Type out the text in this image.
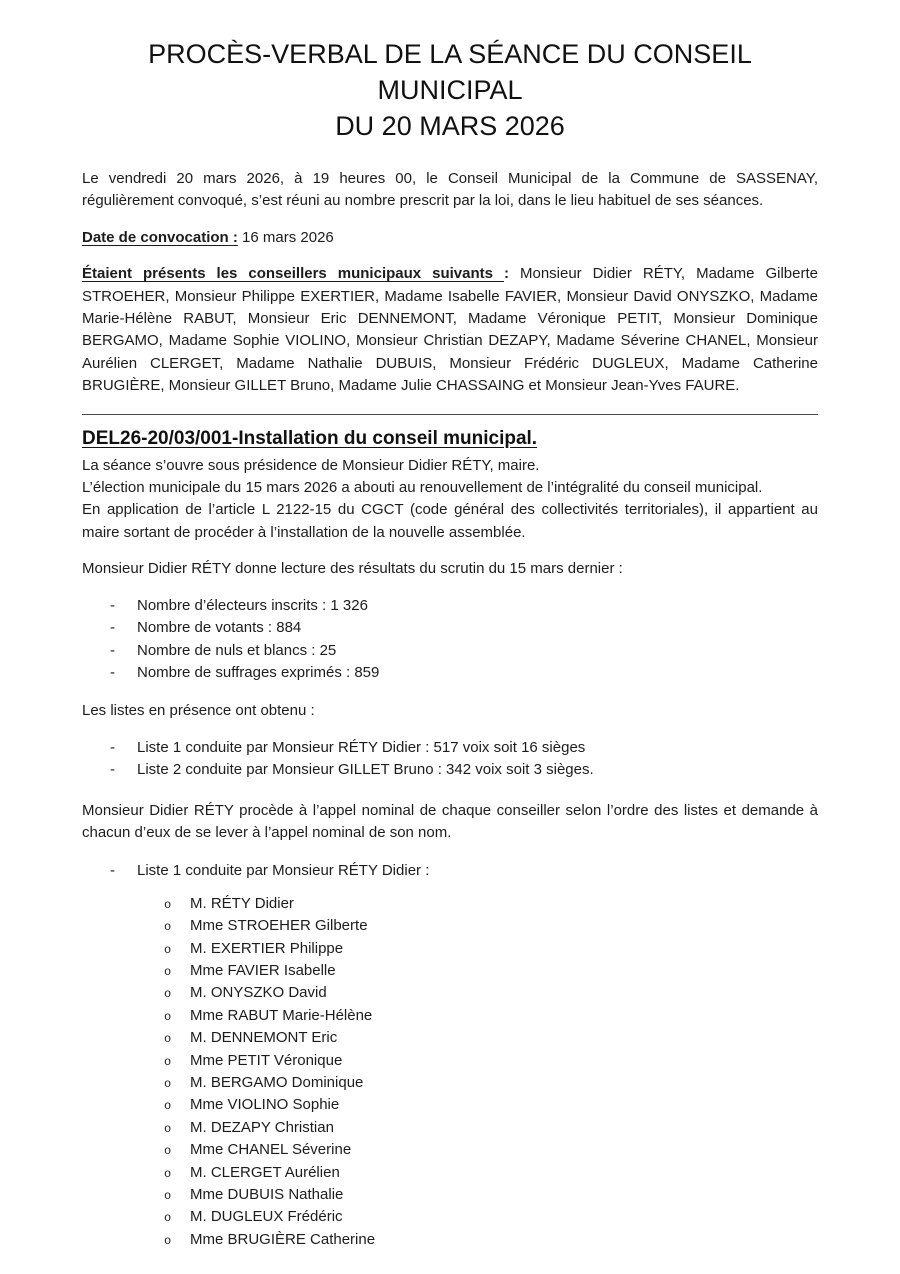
PROCÈS-VERBAL DE LA SÉANCE DU CONSEIL MUNICIPAL
DU 20 MARS 2026

Le vendredi 20 mars 2026, à 19 heures 00, le Conseil Municipal de la Commune de SASSENAY, régulièrement convoqué, s’est réuni au nombre prescrit par la loi, dans le lieu habituel de ses séances.

Date de convocation : 16 mars 2026

Étaient présents les conseillers municipaux suivants : Monsieur Didier RÉTY, Madame Gilberte STROEHER, Monsieur Philippe EXERTIER, Madame Isabelle FAVIER, Monsieur David ONYSZKO, Madame Marie-Hélène RABUT, Monsieur Eric DENNEMONT, Madame Véronique PETIT, Monsieur Dominique BERGAMO, Madame Sophie VIOLINO, Monsieur Christian DEZAPY, Madame Séverine CHANEL, Monsieur Aurélien CLERGET, Madame Nathalie DUBUIS, Monsieur Frédéric DUGLEUX, Madame Catherine BRUGIÈRE, Monsieur GILLET Bruno, Madame Julie CHASSAING et Monsieur Jean-Yves FAURE.

DEL26-20/03/001-Installation du conseil municipal.

La séance s’ouvre sous présidence de Monsieur Didier RÉTY, maire.

L’élection municipale du 15 mars 2026 a abouti au renouvellement de l’intégralité du conseil municipal.

En application de l’article L 2122-15 du CGCT (code général des collectivités territoriales), il appartient au maire sortant de procéder à l’installation de la nouvelle assemblée.

Monsieur Didier RÉTY donne lecture des résultats du scrutin du 15 mars dernier :

- Nombre d’électeurs inscrits : 1 326
- Nombre de votants : 884
- Nombre de nuls et blancs : 25
- Nombre de suffrages exprimés : 859

Les listes en présence ont obtenu :

- Liste 1 conduite par Monsieur RÉTY Didier : 517 voix soit 16 sièges
- Liste 2 conduite par Monsieur GILLET Bruno : 342 voix soit 3 sièges.

Monsieur Didier RÉTY procède à l’appel nominal de chaque conseiller selon l’ordre des listes et demande à chacun d’eux de se lever à l’appel nominal de son nom.

- Liste 1 conduite par Monsieur RÉTY Didier :
o M. RÉTY Didier
o Mme STROEHER Gilberte
o M. EXERTIER Philippe
o Mme FAVIER Isabelle
o M. ONYSZKO David
o Mme RABUT Marie-Hélène
o M. DENNEMONT Eric
o Mme PETIT Véronique
o M. BERGAMO Dominique
o Mme VIOLINO Sophie
o M. DEZAPY Christian
o Mme CHANEL Séverine
o M. CLERGET Aurélien
o Mme DUBUIS Nathalie
o M. DUGLEUX Frédéric
o Mme BRUGIÈRE Catherine
